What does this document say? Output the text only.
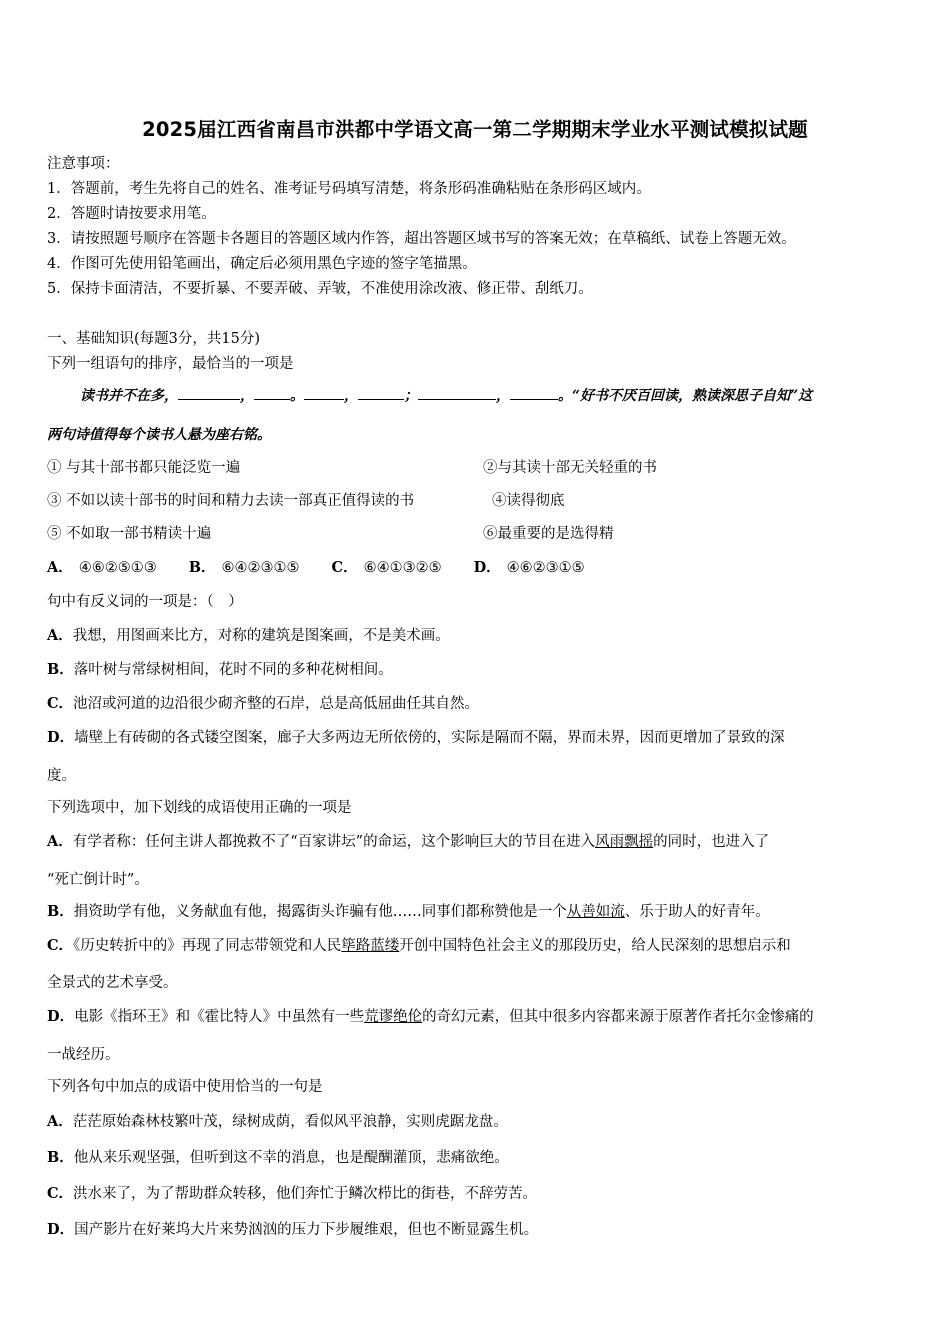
2025届江西省南昌市洪都中学语文高一第二学期期末学业水平测试模拟试题
注意事项：
1．答题前，考生先将自己的姓名、准考证号码填写清楚，将条形码准确粘贴在条形码区域内。
2．答题时请按要求用笔。
3．请按照题号顺序在答题卡各题目的答题区域内作答，超出答题区域书写的答案无效；在草稿纸、试卷上答题无效。
4．作图可先使用铅笔画出，确定后必须用黑色字迹的签字笔描黑。
5．保持卡面清洁，不要折暴、不要弄破、弄皱，不准使用涂改液、修正带、刮纸刀。
一、基础知识(每题3分，共15分)
下列一组语句的排序，最恰当的一项是
读书并不在多，	，	。	，	；	，	。“好书不厌百回读，熟读深思子自知”这
两句诗值得每个读书人悬为座右铭。
① 与其十部书都只能泛览一遍	②与其读十部无关轻重的书
③ 不如以读十部书的时间和精力去读一部真正值得读的书	④读得彻底
⑤ 不如取一部书精读十遍	⑥最重要的是选得精
A． ④⑥②⑤①③ B． ⑥④②③①⑤ C． ⑥④①③②⑤ D． ④⑥②③①⑤
句中有反义词的一项是：（　）
A．我想，用图画来比方，对称的建筑是图案画，不是美术画。
B．落叶树与常绿树相间，花时不同的多种花树相间。
C．池沼或河道的边沿很少砌齐整的石岸，总是高低屈曲任其自然。
D．墙壁上有砖砌的各式镂空图案，廊子大多两边无所依傍的，实际是隔而不隔，界而未界，因而更增加了景致的深
度。
下列选项中，加下划线的成语使用正确的一项是
A．有学者称：任何主讲人都挽救不了“百家讲坛”的命运，这个影响巨大的节目在进入风雨飘摇的同时，也进入了
“死亡倒计时”。
B．捐资助学有他，义务献血有他，揭露街头诈骗有他……同事们都称赞他是一个从善如流、乐于助人的好青年。
C．《历史转折中的》再现了同志带领党和人民筚路蓝缕开创中国特色社会主义的那段历史，给人民深刻的思想启示和
全景式的艺术享受。
D．电影《指环王》和《霍比特人》中虽然有一些荒谬绝伦的奇幻元素，但其中很多内容都来源于原著作者托尔金惨痛的
一战经历。
下列各句中加点的成语中使用恰当的一句是
A．茫茫原始森林枝繁叶茂，绿树成荫，看似风平浪静，实则虎踞龙盘。
B．他从来乐观坚强，但听到这不幸的消息，也是醍醐灌顶，悲痛欲绝。
C．洪水来了，为了帮助群众转移，他们奔忙于鳞次栉比的街巷，不辞劳苦。
D．国产影片在好莱坞大片来势汹汹的压力下步履维艰，但也不断显露生机。
